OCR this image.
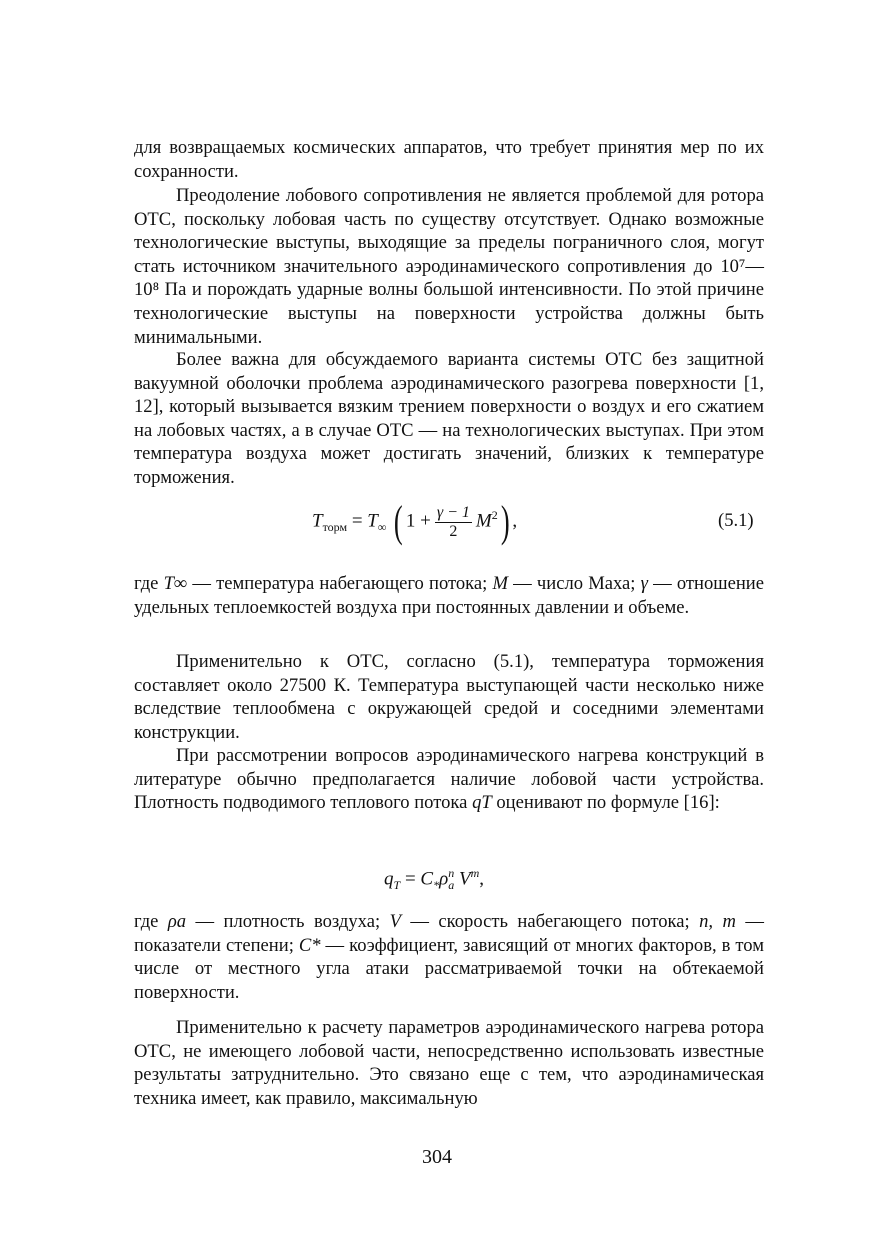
для возвращаемых космических аппаратов, что требует принятия мер по их сохранности.

Преодоление лобового сопротивления не является проблемой для ротора ОТС, поскольку лобовая часть по существу отсутствует. Однако возможные технологические выступы, выходящие за пределы пограничного слоя, могут стать источником значительного аэродинамического сопротивления до 10⁷—10⁸ Па и порождать ударные волны большой интенсивности. По этой причине технологические выступы на поверхности устройства должны быть минимальными.

Более важна для обсуждаемого варианта системы ОТС без защитной вакуумной оболочки проблема аэродинамического разогрева поверхности [1, 12], который вызывается вязким трением поверхности о воздух и его сжатием на лобовых частях, а в случае ОТС — на технологических выступах. При этом температура воздуха может достигать значений, близких к температуре торможения.

$T_{торм} = T_\infty$ ( $1 + \frac{\gamma - 1}{2} M^2$) ,	(5.1)

где T∞ — температура набегающего потока; M — число Маха; γ — отношение удельных теплоемкостей воздуха при постоянных давлении и объеме.

Применительно к ОТС, согласно (5.1), температура торможения составляет около 27500 К. Температура выступающей части несколько ниже вследствие теплообмена с окружающей средой и соседними элементами конструкции.

При рассмотрении вопросов аэродинамического нагрева конструкций в литературе обычно предполагается наличие лобовой части устройства. Плотность подводимого теплового потока qT оценивают по формуле [16]:

$q_T = C_*\rho^n_a$ $V^m$,

где ρa — плотность воздуха; V — скорость набегающего потока; n, m — показатели степени; C* — коэффициент, зависящий от многих факторов, в том числе от местного угла атаки рассматриваемой точки на обтекаемой поверхности.

Применительно к расчету параметров аэродинамического нагрева ротора ОТС, не имеющего лобовой части, непосредственно использовать известные результаты затруднительно. Это связано еще с тем, что аэродинамическая техника имеет, как правило, максимальную

304
